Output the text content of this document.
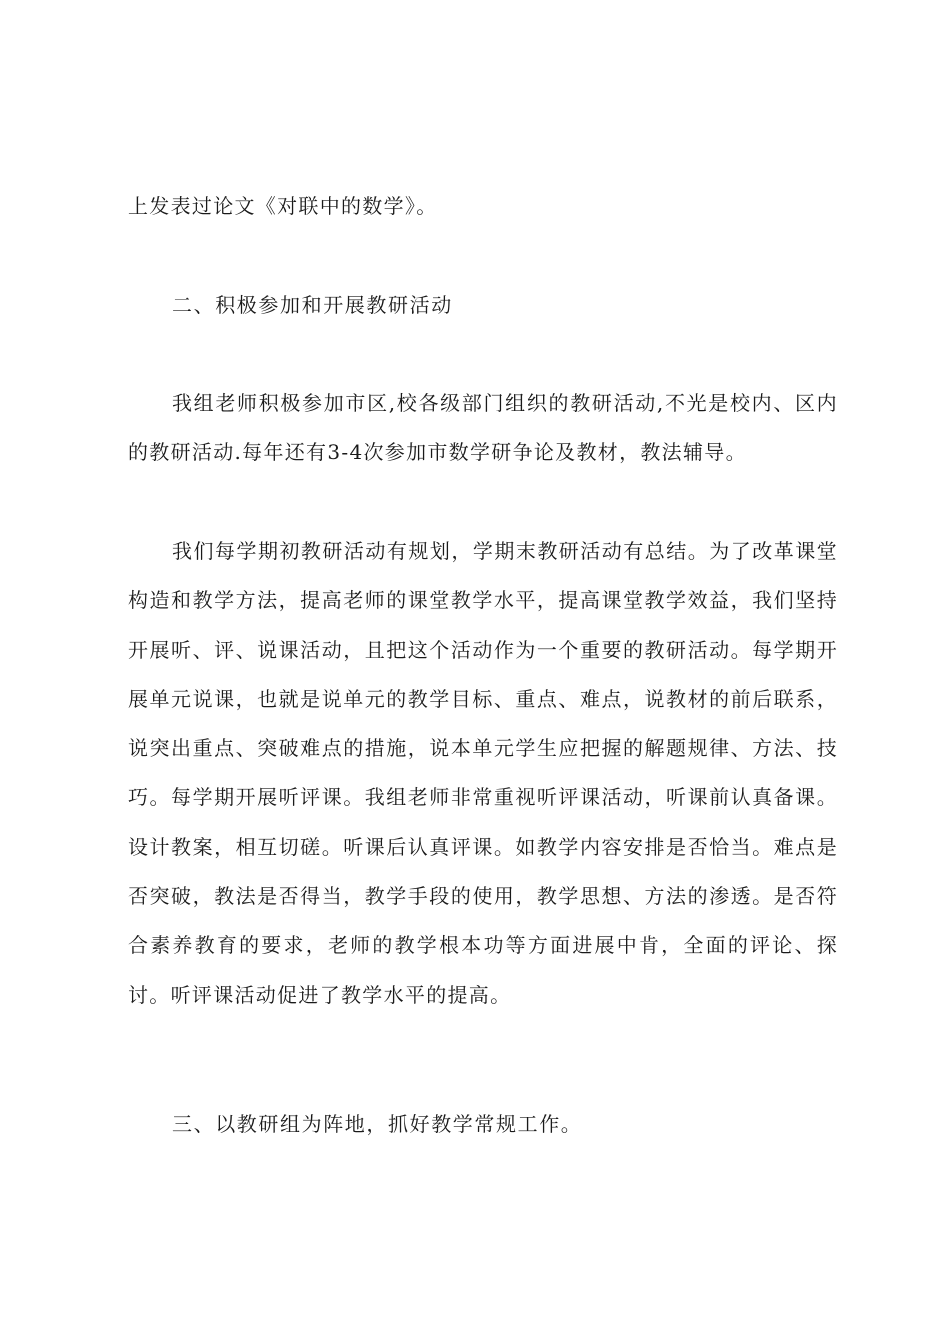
上发表过论文《对联中的数学》。

二、积极参加和开展教研活动

我组老师积极参加市区,校各级部门组织的教研活动,不光是校内、区内的教研活动.每年还有3-4次参加市数学研争论及教材，教法辅导。

我们每学期初教研活动有规划，学期末教研活动有总结。为了改革课堂构造和教学方法，提高老师的课堂教学水平，提高课堂教学效益，我们坚持开展听、评、说课活动，且把这个活动作为一个重要的教研活动。每学期开展单元说课，也就是说单元的教学目标、重点、难点，说教材的前后联系，说突出重点、突破难点的措施，说本单元学生应把握的解题规律、方法、技巧。每学期开展听评课。我组老师非常重视听评课活动，听课前认真备课。设计教案，相互切磋。听课后认真评课。如教学内容安排是否恰当。难点是否突破，教法是否得当，教学手段的使用，教学思想、方法的渗透。是否符合素养教育的要求，老师的教学根本功等方面进展中肯，全面的评论、探讨。听评课活动促进了教学水平的提高。

三、以教研组为阵地，抓好教学常规工作。
